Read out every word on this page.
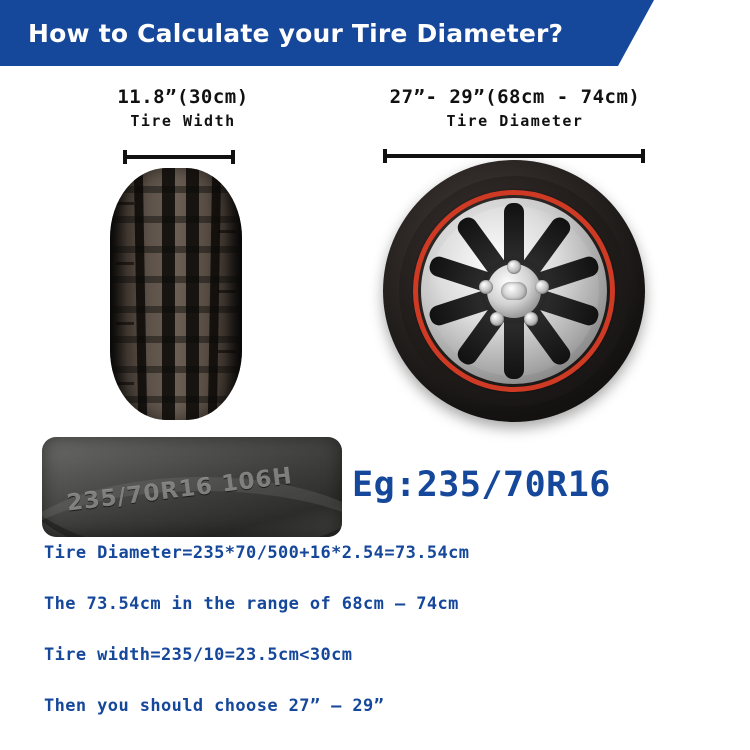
How to Calculate your Tire Diameter?
11.8”(30cm)
Tire Width
27”- 29”(68cm - 74cm)
Tire Diameter
235/70R16 106H Eg:235/70R16
Tire Diameter=235*70/500+16*2.54=73.54cm
The 73.54cm in the range of 68cm – 74cm
Tire width=235/10=23.5cm<30cm
Then you should choose 27” – 29”
